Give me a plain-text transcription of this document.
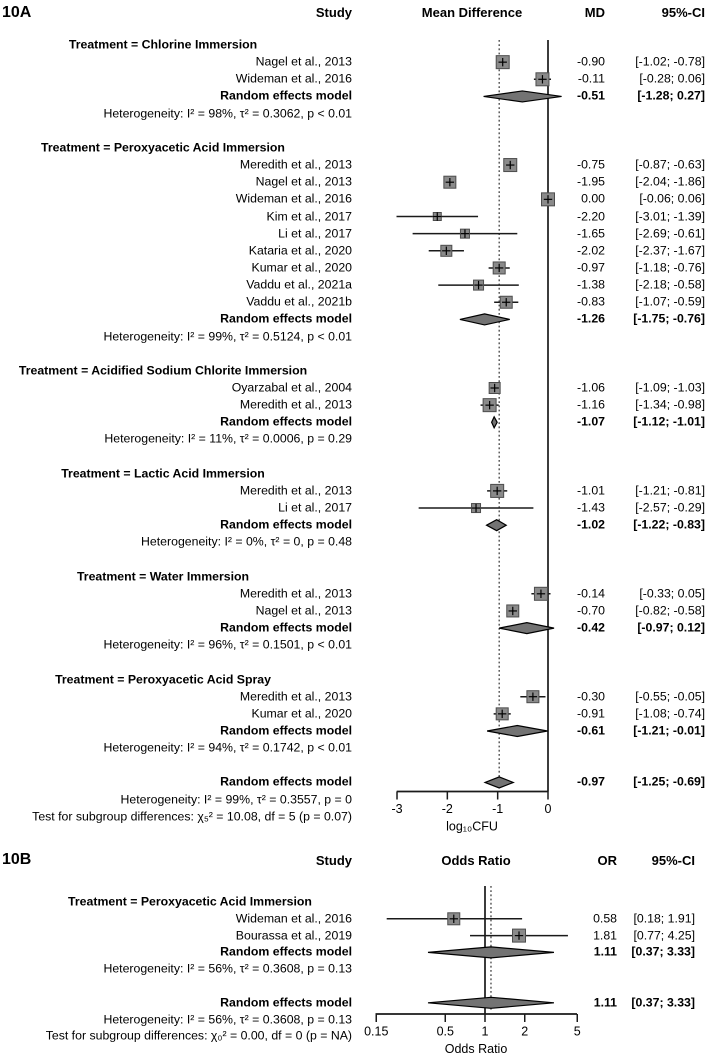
-3	-2	-1	0
log₁₀CFU
0.15	0.5 1	2	5
Odds Ratio
10A
10B
Study	Mean Difference	MD	95%-CI
Study	Odds Ratio	OR	95%-CI
Treatment = Chlorine Immersion
Nagel et al., 2013	-0.90	[-1.02; -0.78]
Wideman et al., 2016	-0.11	[-0.28; 0.06]
Random effects model	-0.51	[-1.28; 0.27]
Heterogeneity: I² = 98%, τ² = 0.3062, p < 0.01
Treatment = Peroxyacetic Acid Immersion
Meredith et al., 2013	-0.75	[-0.87; -0.63]
Nagel et al., 2013	-1.95	[-2.04; -1.86]
Wideman et al., 2016	0.00	[-0.06; 0.06]
Kim et al., 2017	-2.20	[-3.01; -1.39]
Li et al., 2017	-1.65	[-2.69; -0.61]
Kataria et al., 2020	-2.02	[-2.37; -1.67]
Kumar et al., 2020	-0.97	[-1.18; -0.76]
Vaddu et al., 2021a	-1.38	[-2.18; -0.58]
Vaddu et al., 2021b	-0.83	[-1.07; -0.59]
Random effects model	-1.26	[-1.75; -0.76]
Heterogeneity: I² = 99%, τ² = 0.5124, p < 0.01
Treatment = Acidified Sodium Chlorite Immersion
Oyarzabal et al., 2004	-1.06	[-1.09; -1.03]
Meredith et al., 2013	-1.16	[-1.34; -0.98]
Random effects model	-1.07	[-1.12; -1.01]
Heterogeneity: I² = 11%, τ² = 0.0006, p = 0.29
Treatment = Lactic Acid Immersion
Meredith et al., 2013	-1.01	[-1.21; -0.81]
Li et al., 2017	-1.43	[-2.57; -0.29]
Random effects model	-1.02	[-1.22; -0.83]
Heterogeneity: I² = 0%, τ² = 0, p = 0.48
Treatment = Water Immersion
Meredith et al., 2013	-0.14	[-0.33; 0.05]
Nagel et al., 2013	-0.70	[-0.82; -0.58]
Random effects model	-0.42	[-0.97; 0.12]
Heterogeneity: I² = 96%, τ² = 0.1501, p < 0.01
Treatment = Peroxyacetic Acid Spray
Meredith et al., 2013	-0.30	[-0.55; -0.05]
Kumar et al., 2020	-0.91	[-1.08; -0.74]
Random effects model	-0.61	[-1.21; -0.01]
Heterogeneity: I² = 94%, τ² = 0.1742, p < 0.01
Random effects model	-0.97	[-1.25; -0.69]
Heterogeneity: I² = 99%, τ² = 0.3557, p = 0
Test for subgroup differences: χ₅² = 10.08, df = 5 (p = 0.07)
Treatment = Peroxyacetic Acid Immersion
Wideman et al., 2016	0.58	[0.18; 1.91]
Bourassa et al., 2019	1.81	[0.77; 4.25]
Random effects model	1.11	[0.37; 3.33]
Heterogeneity: I² = 56%, τ² = 0.3608, p = 0.13
Random effects model	1.11	[0.37; 3.33]
Heterogeneity: I² = 56%, τ² = 0.3608, p = 0.13
Test for subgroup differences: χ₀² = 0.00, df = 0 (p = NA)
